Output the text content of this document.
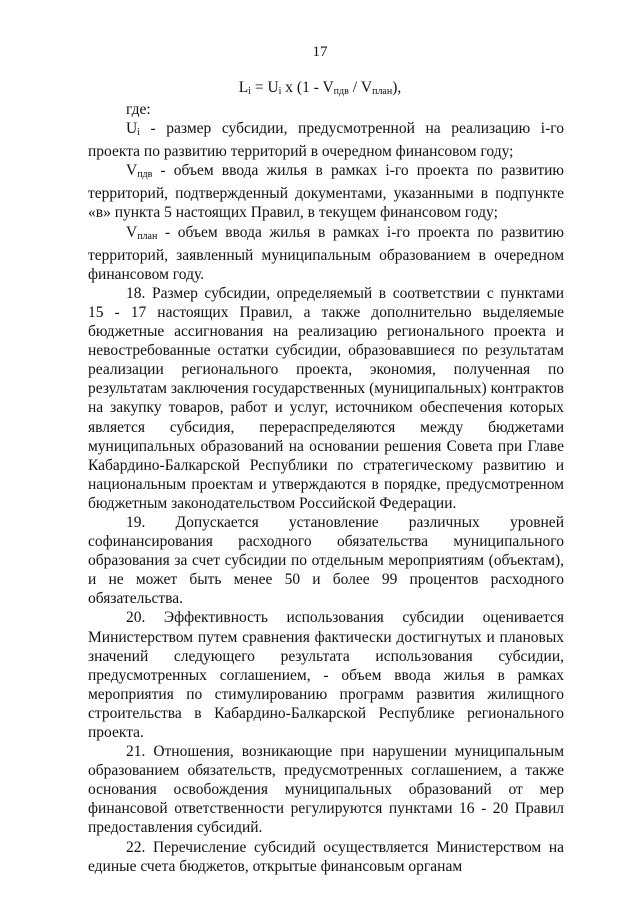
17
$L_i = U_i$ x $(1 - V_{пдв} / V_{план})$,

где:

$U_i$ - размер субсидии, предусмотренной на реализацию i-го проекта по развитию территорий в очередном финансовом году;

$V_{пдв}$ - объем ввода жилья в рамках i-го проекта по развитию территорий, подтвержденный документами, указанными в подпункте «в» пункта 5 настоящих Правил, в текущем финансовом году;

$V_{план}$ - объем ввода жилья в рамках i-го проекта по развитию территорий, заявленный муниципальным образованием в очередном финансовом году.

18. Размер субсидии, определяемый в соответствии с пунктами 15 - 17 настоящих Правил, а также дополнительно выделяемые бюджетные ассигнования на реализацию регионального проекта и невостребованные остатки субсидии, образовавшиеся по результатам реализации регионального проекта, экономия, полученная по результатам заключения государственных (муниципальных) контрактов на закупку товаров, работ и услуг, источником обеспечения которых является субсидия, перераспределяются между бюджетами муниципальных образований на основании решения Совета при Главе Кабардино-Балкарской Республики по стратегическому развитию и национальным проектам и утверждаются в порядке, предусмотренном бюджетным законодательством Российской Федерации.

19. Допускается установление различных уровней софинансирования расходного обязательства муниципального образования за счет субсидии по отдельным мероприятиям (объектам), и не может быть менее 50 и более 99 процентов расходного обязательства.

20. Эффективность использования субсидии оценивается Министерством путем сравнения фактически достигнутых и плановых значений следующего результата использования субсидии, предусмотренных соглашением, - объем ввода жилья в рамках мероприятия по стимулированию программ развития жилищного строительства в Кабардино-Балкарской Республике регионального проекта.

21. Отношения, возникающие при нарушении муниципальным образованием обязательств, предусмотренных соглашением, а также основания освобождения муниципальных образований от мер финансовой ответственности регулируются пунктами 16 - 20 Правил предоставления субсидий.

22. Перечисление субсидий осуществляется Министерством на единые счета бюджетов, открытые финансовым органам
